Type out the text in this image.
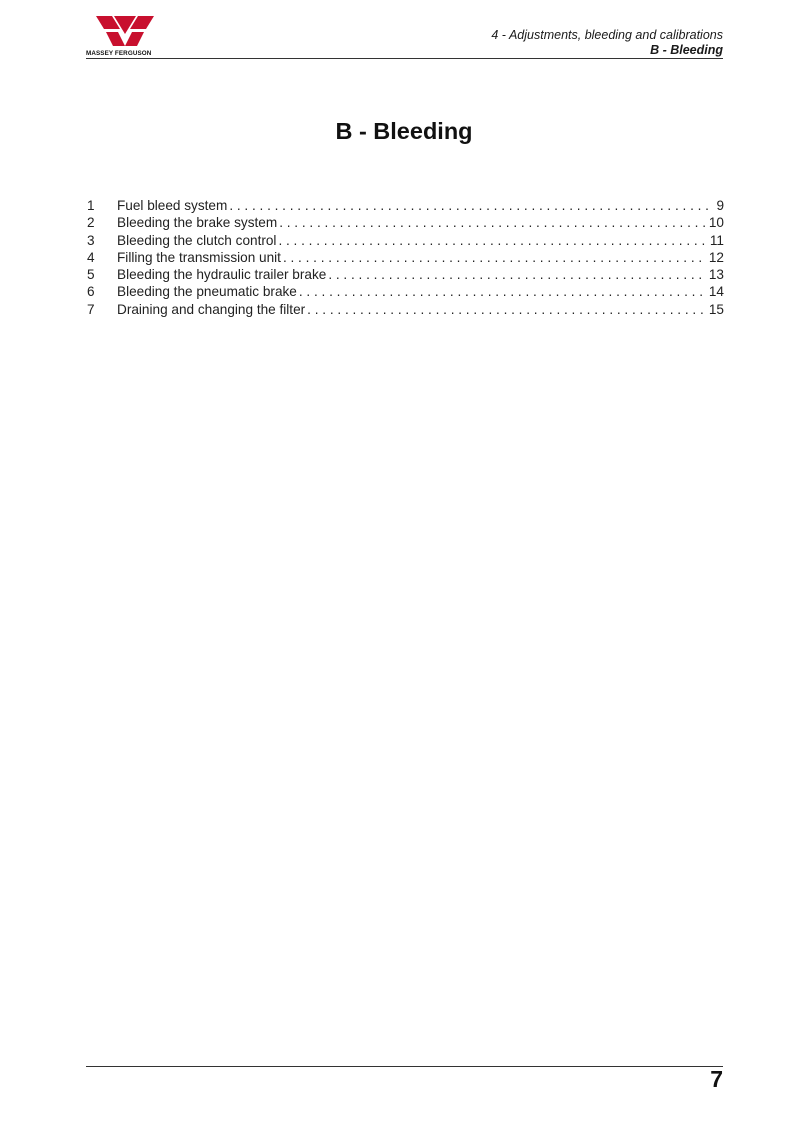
MASSEY FERGUSON
4 - Adjustments, bleeding and calibrations
B - Bleeding
B - Bleeding
1	Fuel bleed system . . .	9
2	Bleeding the brake system . . .	10
3	Bleeding the clutch control . . .	11
4	Filling the transmission unit . . .	12
5	Bleeding the hydraulic trailer brake . . .	13
6	Bleeding the pneumatic brake . . .	14
7	Draining and changing the filter . . .	15
7
